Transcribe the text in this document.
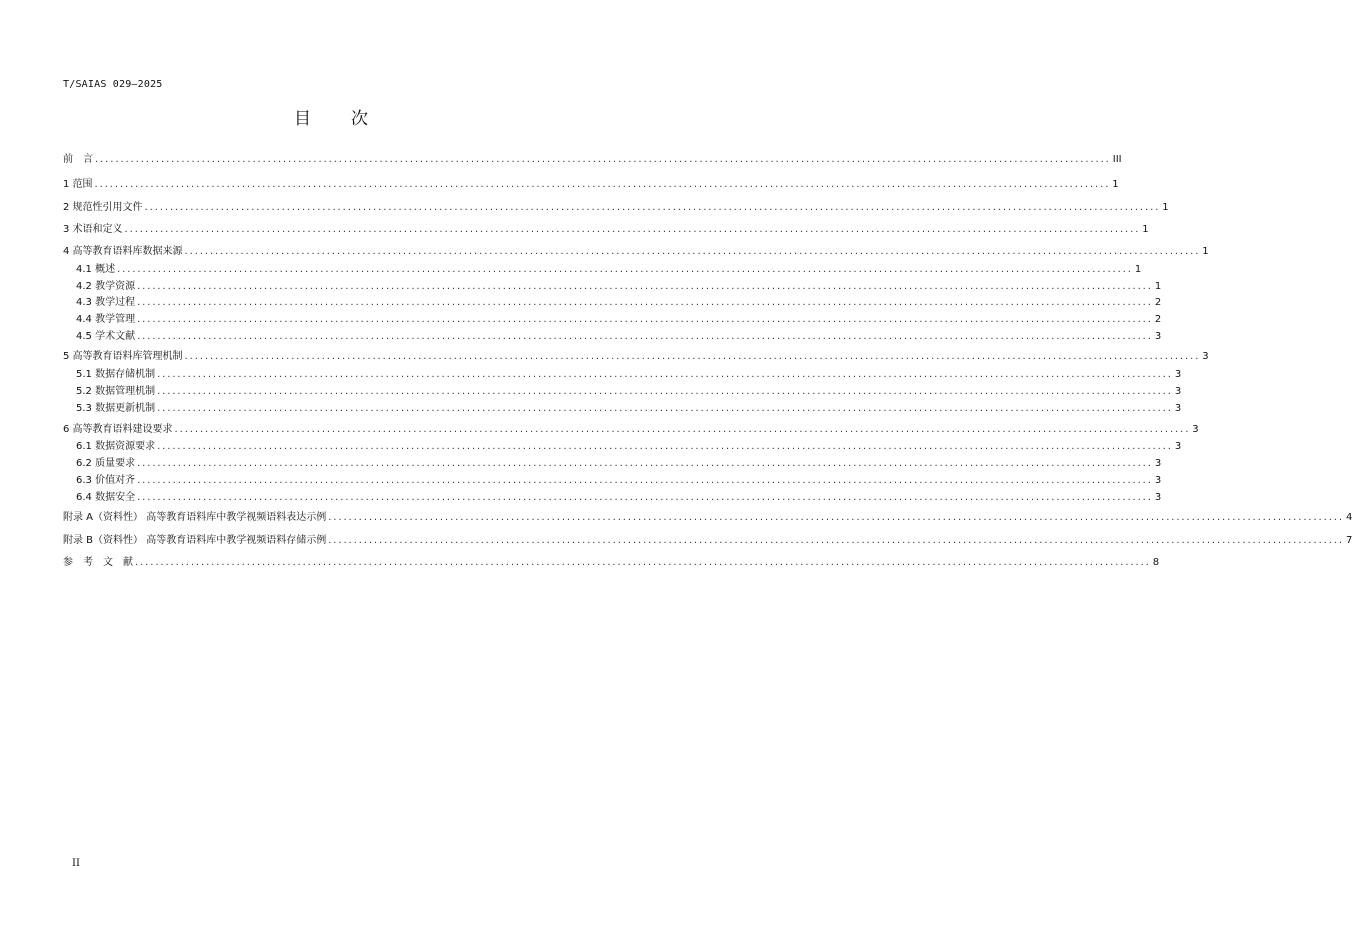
T/SAIAS 029—2025
目 次
前　言 ........................................................................................................................................................................................................ III
1 范围 ........................................................................................................................................................................................................ 1
2 规范性引用文件 ........................................................................................................................................................................................................ 1
3 术语和定义 ........................................................................................................................................................................................................ 1
4 高等教育语料库数据来源 ........................................................................................................................................................................................................ 1
4.1 概述 ........................................................................................................................................................................................................ 1
4.2 教学资源 ........................................................................................................................................................................................................ 1
4.3 教学过程 ........................................................................................................................................................................................................ 2
4.4 教学管理 ........................................................................................................................................................................................................ 2
4.5 学术文献 ........................................................................................................................................................................................................ 3
5 高等教育语料库管理机制 ........................................................................................................................................................................................................ 3
5.1 数据存储机制 ........................................................................................................................................................................................................ 3
5.2 数据管理机制 ........................................................................................................................................................................................................ 3
5.3 数据更新机制 ........................................................................................................................................................................................................ 3
6 高等教育语料建设要求 ........................................................................................................................................................................................................ 3
6.1 数据资源要求 ........................................................................................................................................................................................................ 3
6.2 质量要求 ........................................................................................................................................................................................................ 3
6.3 价值对齐 ........................................................................................................................................................................................................ 3
6.4 数据安全 ........................................................................................................................................................................................................ 3
附录 A（资料性） 高等教育语料库中教学视频语料表达示例 ........................................................................................................................................................................................................ 4
附录 B（资料性） 高等教育语料库中教学视频语料存储示例 ........................................................................................................................................................................................................ 7
参　考　文　献 ........................................................................................................................................................................................................ 8
II
